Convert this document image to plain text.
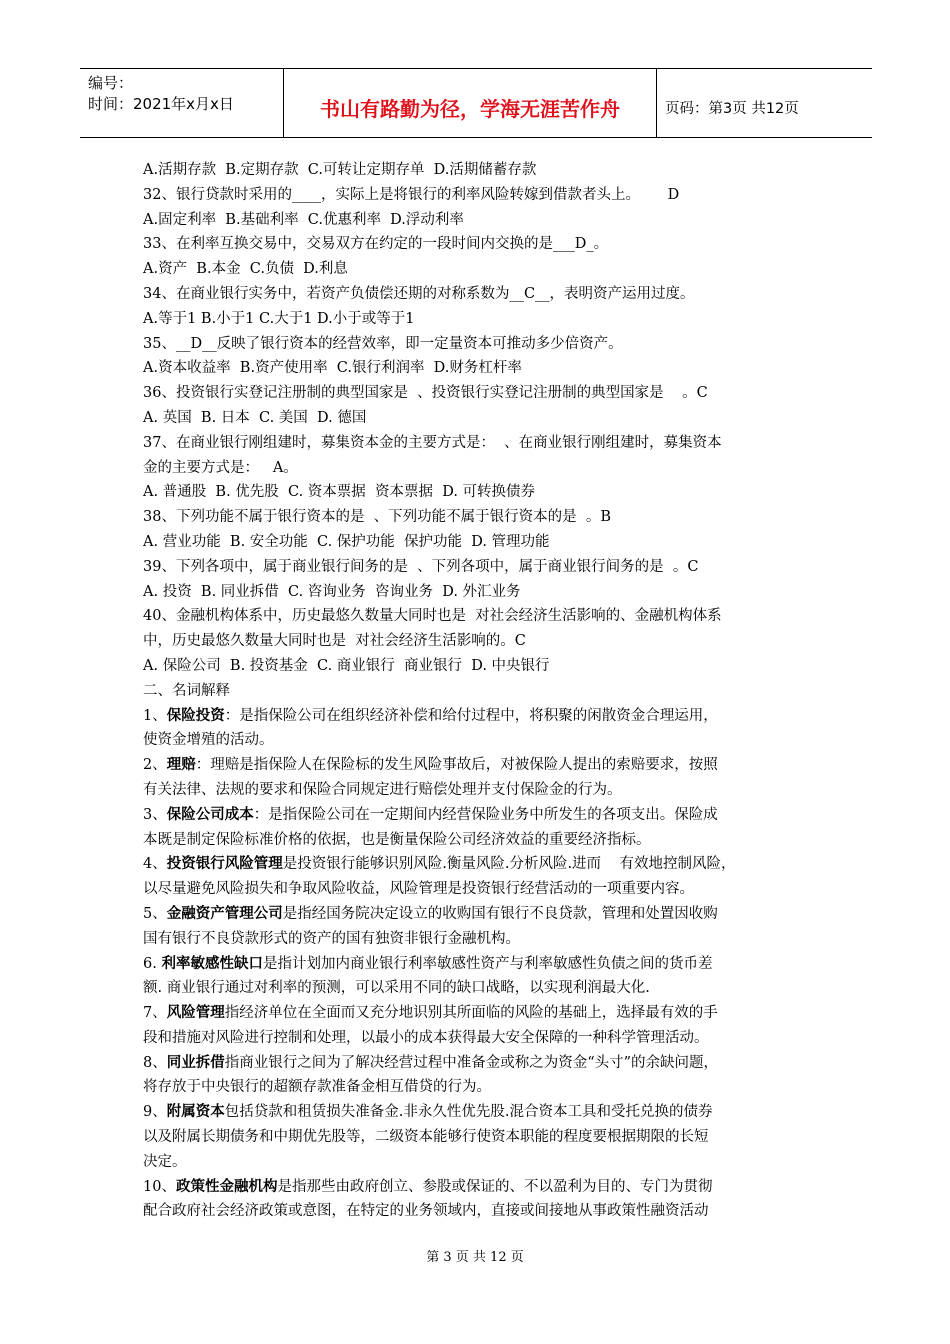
编号：
时间：2021年x月x日	书山有路勤为径，学海无涯苦作舟	页码：第3页 共12页
A.活期存款  B.定期存款  C.可转让定期存单  D.活期储蓄存款
32、银行贷款时采用的____，实际上是将银行的利率风险转嫁到借款者头上。      D
A.固定利率  B.基础利率  C.优惠利率  D.浮动利率
33、在利率互换交易中，交易双方在约定的一段时间内交换的是___D_。
A.资产  B.本金  C.负债  D.利息
34、在商业银行实务中，若资产负债偿还期的对称系数为__C__，表明资产运用过度。
A.等于1 B.小于1 C.大于1 D.小于或等于1
35、__D__反映了银行资本的经营效率，即一定量资本可推动多少倍资产。
A.资本收益率  B.资产使用率  C.银行利润率  D.财务杠杆率
36、投资银行实登记注册制的典型国家是  、投资银行实登记注册制的典型国家是    。C
A. 英国  B. 日本  C. 美国  D. 德国
37、在商业银行刚组建时，募集资本金的主要方式是：  、在商业银行刚组建时，募集资本
金的主要方式是：   A。
A. 普通股  B. 优先股  C. 资本票据  资本票据  D. 可转换债券
38、下列功能不属于银行资本的是  、下列功能不属于银行资本的是  。B
A. 营业功能  B. 安全功能  C. 保护功能  保护功能  D. 管理功能
39、下列各项中，属于商业银行间务的是  、下列各项中，属于商业银行间务的是  。C
A. 投资  B. 同业拆借  C. 咨询业务  咨询业务  D. 外汇业务
40、金融机构体系中，历史最悠久数量大同时也是  对社会经济生活影响的、金融机构体系
中，历史最悠久数量大同时也是  对社会经济生活影响的。C
A. 保险公司  B. 投资基金  C. 商业银行  商业银行  D. 中央银行
二、名词解释
1、保险投资：是指保险公司在组织经济补偿和给付过程中，将积聚的闲散资金合理运用，
使资金增殖的活动。
2、理赔：理赔是指保险人在保险标的发生风险事故后，对被保险人提出的索赔要求，按照
有关法律、法规的要求和保险合同规定进行赔偿处理并支付保险金的行为。
3、保险公司成本：是指保险公司在一定期间内经营保险业务中所发生的各项支出。保险成
本既是制定保险标准价格的依据，也是衡量保险公司经济效益的重要经济指标。
4、投资银行风险管理是投资银行能够识别风险.衡量风险.分析风险.进而    有效地控制风险，
以尽量避免风险损失和争取风险收益，风险管理是投资银行经营活动的一项重要内容。
5、金融资产管理公司是指经国务院决定设立的收购国有银行不良贷款，管理和处置因收购
国有银行不良贷款形式的资产的国有独资非银行金融机构。
6. 利率敏感性缺口是指计划加内商业银行利率敏感性资产与利率敏感性负债之间的货币差
额. 商业银行通过对利率的预测，可以采用不同的缺口战略，以实现利润最大化.
7、风险管理指经济单位在全面而又充分地识别其所面临的风险的基础上，选择最有效的手
段和措施对风险进行控制和处理，以最小的成本获得最大安全保障的一种科学管理活动。
8、同业拆借指商业银行之间为了解决经营过程中准备金或称之为资金“头寸”的余缺问题，
将存放于中央银行的超额存款准备金相互借贷的行为。
9、附属资本包括贷款和租赁损失准备金.非永久性优先股.混合资本工具和受托兑换的债券
以及附属长期债务和中期优先股等，二级资本能够行使资本职能的程度要根据期限的长短
决定。
10、政策性金融机构是指那些由政府创立、参股或保证的、不以盈利为目的、专门为贯彻
配合政府社会经济政策或意图，在特定的业务领域内，直接或间接地从事政策性融资活动
第 3 页 共 12 页
